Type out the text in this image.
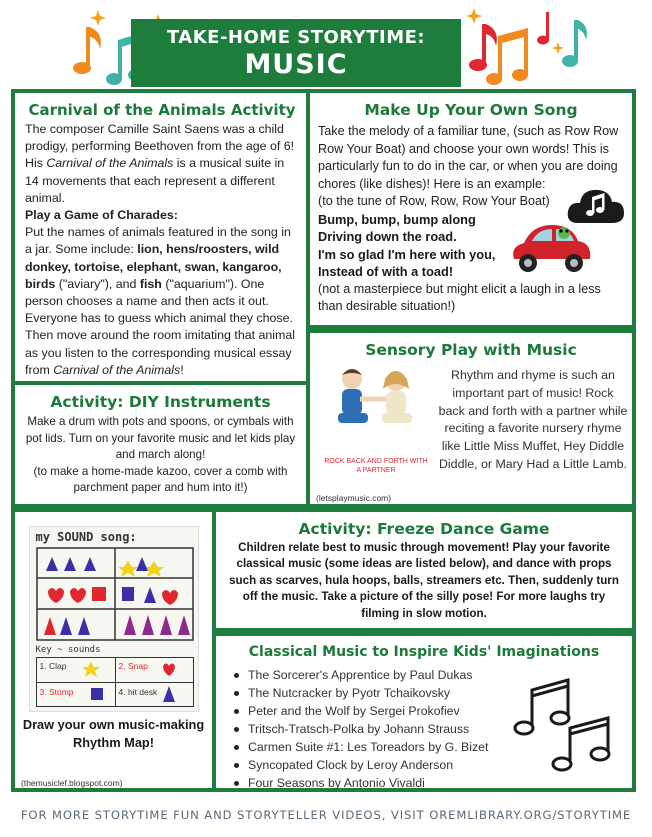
TAKE-HOME STORYTIME:
MUSIC
Carnival of the Animals Activity
The composer Camille Saint Saens was a child prodigy, performing Beethoven from the age of 6! His Carnival of the Animals is a musical suite in 14 movements that each represent a different animal.
Play a Game of Charades:
Put the names of animals featured in the song in a jar. Some include: lion, hens/roosters, wild donkey, tortoise, elephant, swan, kangaroo, birds ("aviary"), and fish ("aquarium"). One person chooses a name and then acts it out. Everyone has to guess which animal they chose. Then move around the room imitating that animal as you listen to the corresponding musical essay from Carnival of the Animals!
Make Up Your Own Song
Take the melody of a familiar tune, (such as Row Row Row Your Boat) and choose your own words! This is particularly fun to do in the car, or when you are doing chores (like dishes)! Here is an example:
(to the tune of Row, Row, Row Your Boat)
Bump, bump, bump along
Driving down the road.
I'm so glad I'm here with you,
Instead of with a toad!
(not a masterpiece but might elicit a laugh in a less than desirable situation!)
Sensory Play with Music
ROCK BACK AND FORTH WITH A PARTNER
Rhythm and rhyme is such an important part of music! Rock back and forth with a partner while reciting a favorite nursery rhyme like Little Miss Muffet, Hey Diddle Diddle, or Mary Had a Little Lamb.
(letsplaymusic.com)
Activity: DIY Instruments
Make a drum with pots and spoons, or cymbals with pot lids. Turn on your favorite music and let kids play and march along!
(to make a home-made kazoo, cover a comb with parchment paper and hum into it!)
my SOUND song:
Key ~ sounds
1. Clap	2. Snap
3. Stomp	4. hit desk
Draw your own music-making Rhythm Map!
(themusiclef.blogspot.com)
Activity: Freeze Dance Game
Children relate best to music through movement! Play your favorite classical music (some ideas are listed below), and dance with props such as scarves, hula hoops, balls, streamers etc. Then, suddenly turn off the music. Take a picture of the silly pose! For more laughs try filming in slow motion.
Classical Music to Inspire Kids' Imaginations
The Sorcerer's Apprentice by Paul Dukas
The Nutcracker by Pyotr Tchaikovsky
Peter and the Wolf by Sergei Prokofiev
Tritsch-Tratsch-Polka by Johann Strauss
Carmen Suite #1: Les Toreadors by G. Bizet
Syncopated Clock by Leroy Anderson
Four Seasons by Antonio Vivaldi
FOR MORE STORYTIME FUN AND STORYTELLER VIDEOS, VISIT OREMLIBRARY.ORG/STORYTIME
